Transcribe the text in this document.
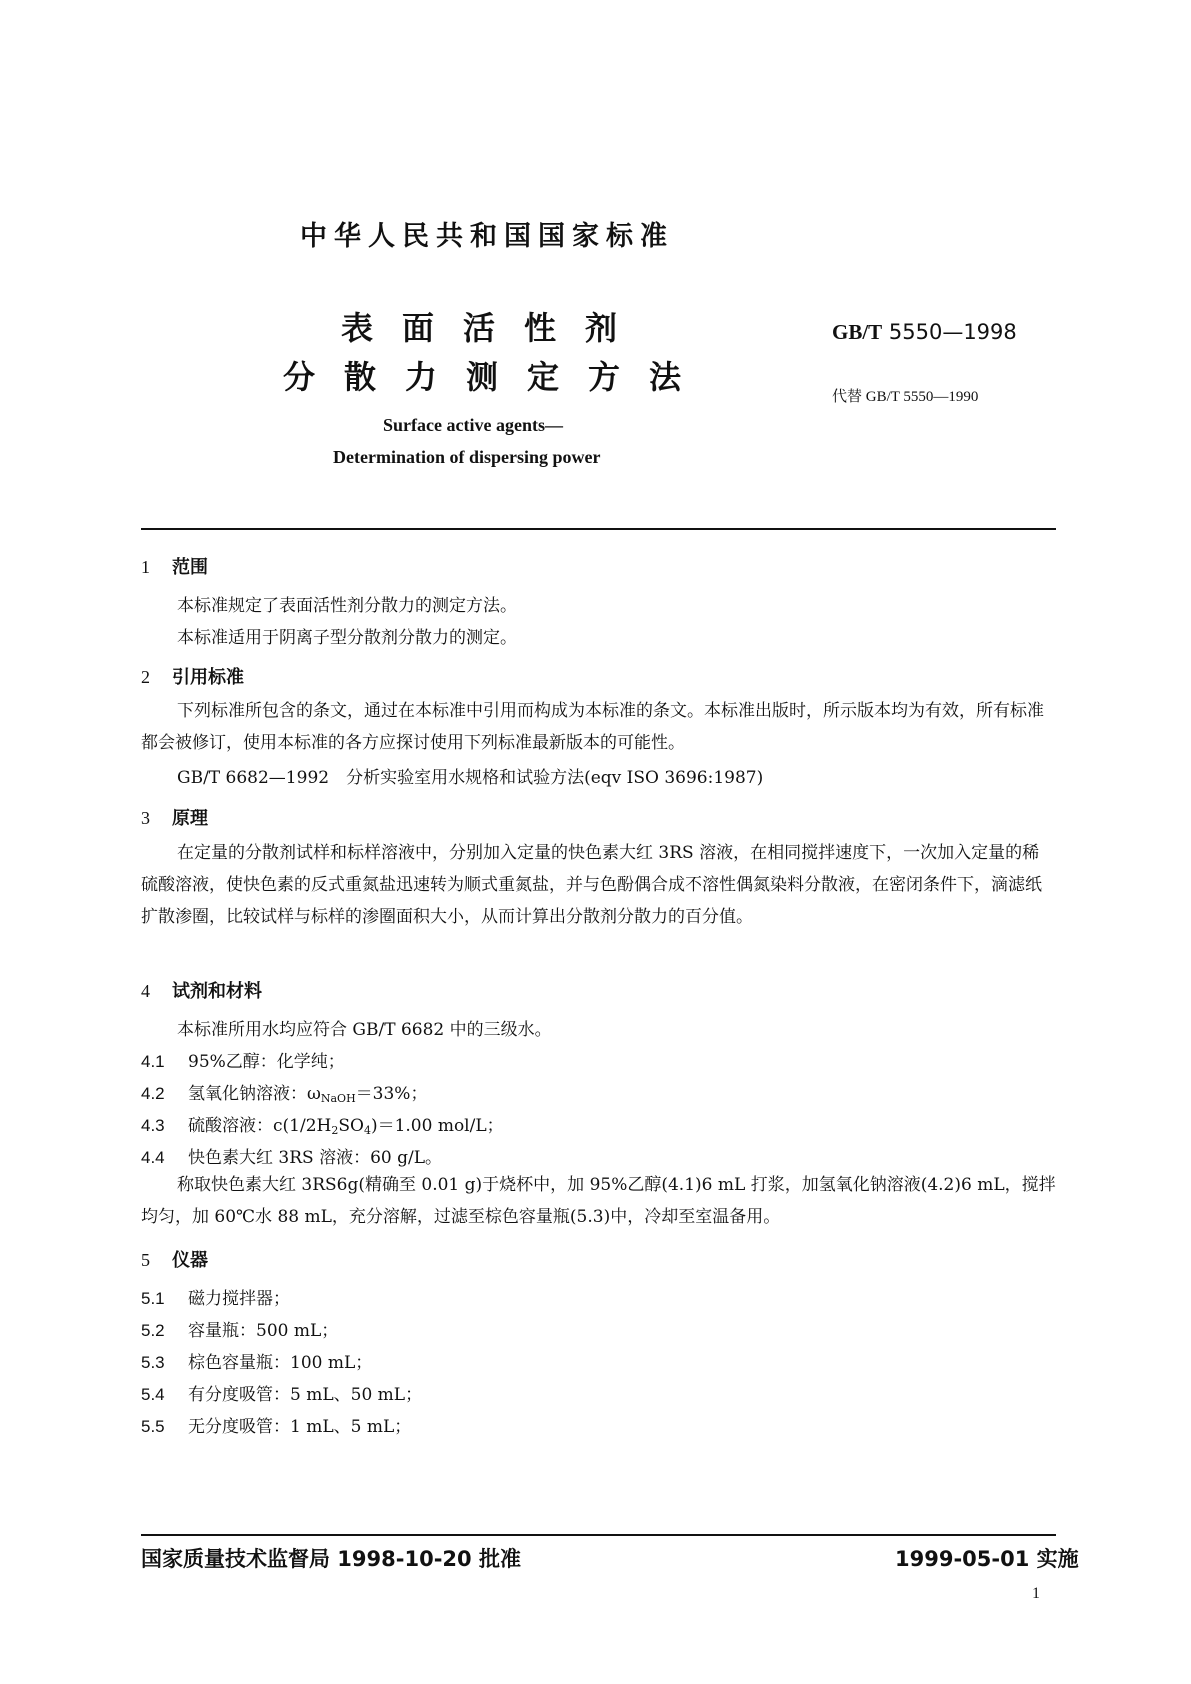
中华人民共和国国家标准
表面活性剂
分散力测定方法
GB/T 5550—1998
代替 GB/T 5550—1990
Surface active agents—
Determination of dispersing power
1 范围
本标准规定了表面活性剂分散力的测定方法。
本标准适用于阴离子型分散剂分散力的测定。
2 引用标准
下列标准所包含的条文，通过在本标准中引用而构成为本标准的条文。本标准出版时，所示版本均为有效，所有标准都会被修订，使用本标准的各方应探讨使用下列标准最新版本的可能性。
GB/T 6682—1992　分析实验室用水规格和试验方法(eqv ISO 3696:1987)
3 原理
在定量的分散剂试样和标样溶液中，分别加入定量的快色素大红 3RS 溶液，在相同搅拌速度下，一次加入定量的稀硫酸溶液，使快色素的反式重氮盐迅速转为顺式重氮盐，并与色酚偶合成不溶性偶氮染料分散液，在密闭条件下，滴滤纸扩散渗圈，比较试样与标样的渗圈面积大小，从而计算出分散剂分散力的百分值。
4 试剂和材料
本标准所用水均应符合 GB/T 6682 中的三级水。
4.1 95%乙醇：化学纯；
4.2 氢氧化钠溶液：ωNaOH＝33%；
4.3 硫酸溶液：c(1/2H2SO4)＝1.00 mol/L；
4.4 快色素大红 3RS 溶液：60 g/L。
称取快色素大红 3RS6g(精确至 0.01 g)于烧杯中，加 95%乙醇(4.1)6 mL 打浆，加氢氧化钠溶液(4.2)6 mL，搅拌均匀，加 60℃水 88 mL，充分溶解，过滤至棕色容量瓶(5.3)中，冷却至室温备用。
5 仪器
5.1 磁力搅拌器；
5.2 容量瓶：500 mL；
5.3 棕色容量瓶：100 mL；
5.4 有分度吸管：5 mL、50 mL；
5.5 无分度吸管：1 mL、5 mL；
国家质量技术监督局 1998-10-20 批准	1999-05-01 实施
1
